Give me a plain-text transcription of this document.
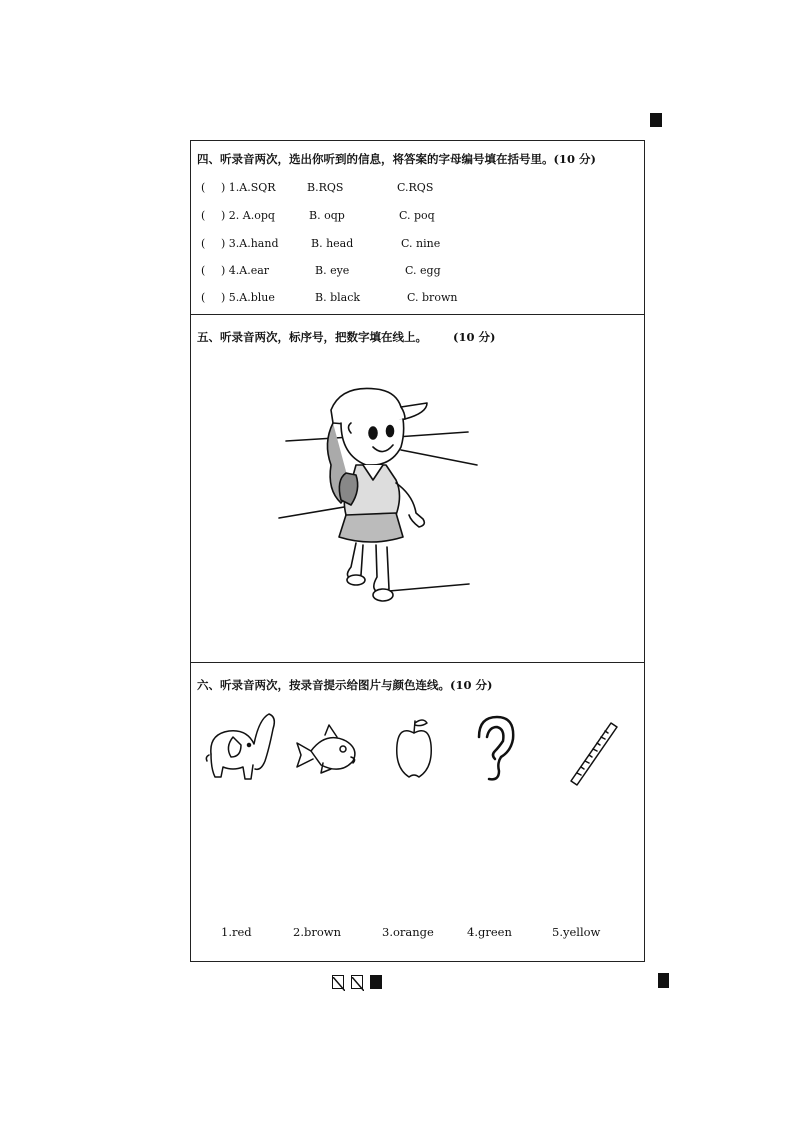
四、听录音两次，选出你听到的信息，将答案的字母编号填在括号里。(10 分)
( ) 1.A.SQR	B.RQS	C.RQS
( ) 2. A.opq	B. oqp	C. poq
( ) 3.A.hand	B. head	C. nine
( ) 4.A.ear	B. eye	C. egg
( ) 5.A.blue	B. black	C. brown
五、听录音两次，标序号，把数字填在线上。 (10 分)
六、听录音两次，按录音提示给图片与颜色连线。(10 分)
1.red	2.brown	3.orange	4.green	5.yellow
